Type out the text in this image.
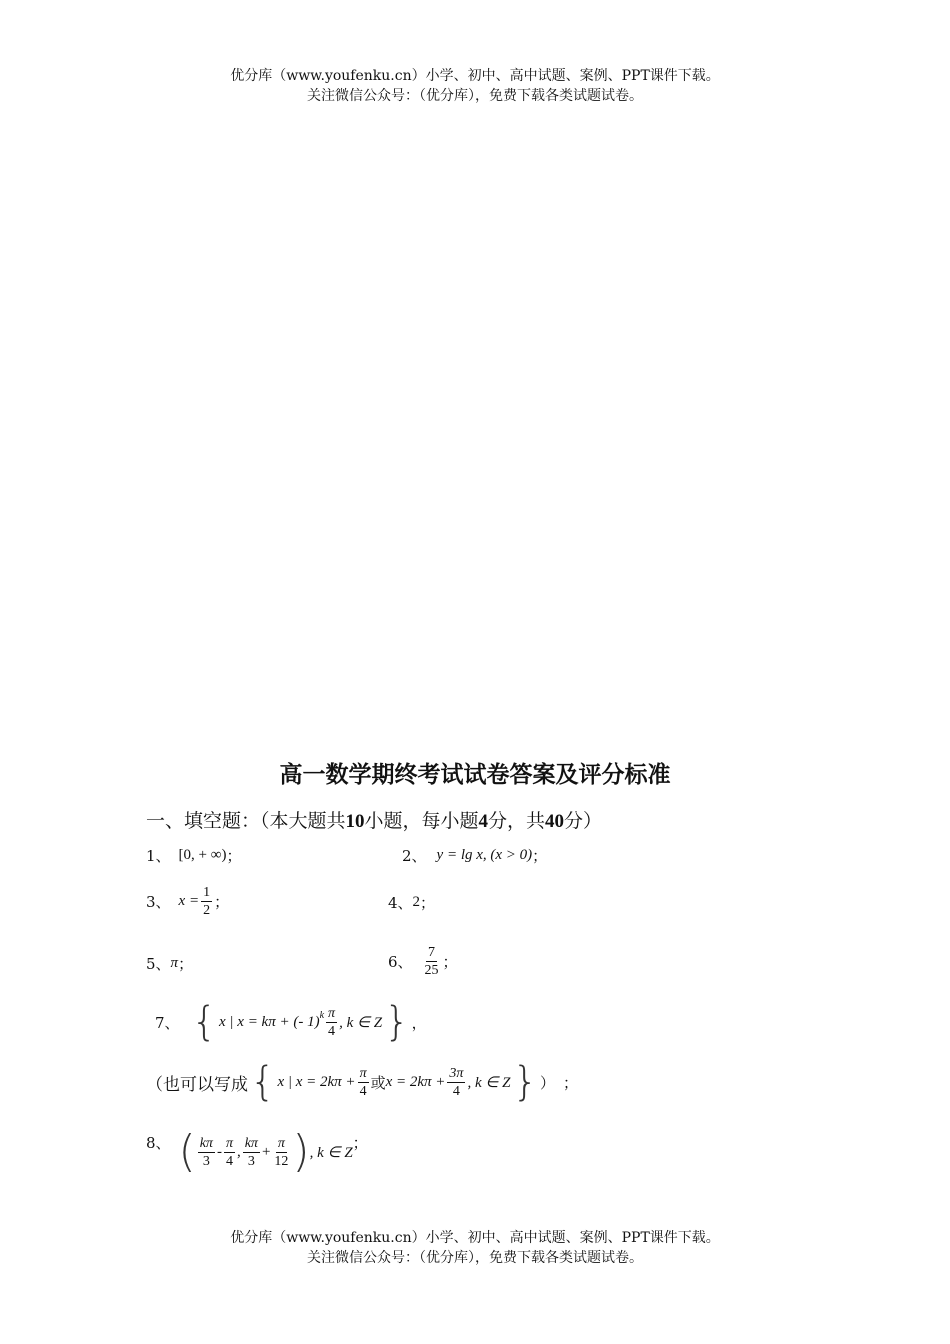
优分库（www.youfenku.cn）小学、初中、高中试题、案例、PPT课件下载。
关注微信公众号：（优分库），免费下载各类试题试卷。
高一数学期终考试试卷答案及评分标准
一、填空题：（本大题共10小题，每小题4分，共40分）
1、 [0, + ∞) ；	2、 y = lg x, (x > 0) ；
3、 $x = \frac{1}{2}$ ；	4、 2 ；
5、 π ；	6、 $\frac{7}{25}$ ；
7、 { x | x = kπ + (- $1)^k \frac{\pi}{4}$ , k ∈ Z } ，
（也可以写成 { x | $x = 2k\pi + \frac{\pi}{4}$ 或 $x = 2k\pi + \frac{3\pi}{4}$ , k ∈ Z } ） ；
8、 ( $\frac{k\pi}{3} - \frac{\pi}{4}$ , $\frac{k\pi}{3} + \frac{\pi}{12}$ ) , k ∈ Z
；
优分库（www.youfenku.cn）小学、初中、高中试题、案例、PPT课件下载。
关注微信公众号：（优分库），免费下载各类试题试卷。
